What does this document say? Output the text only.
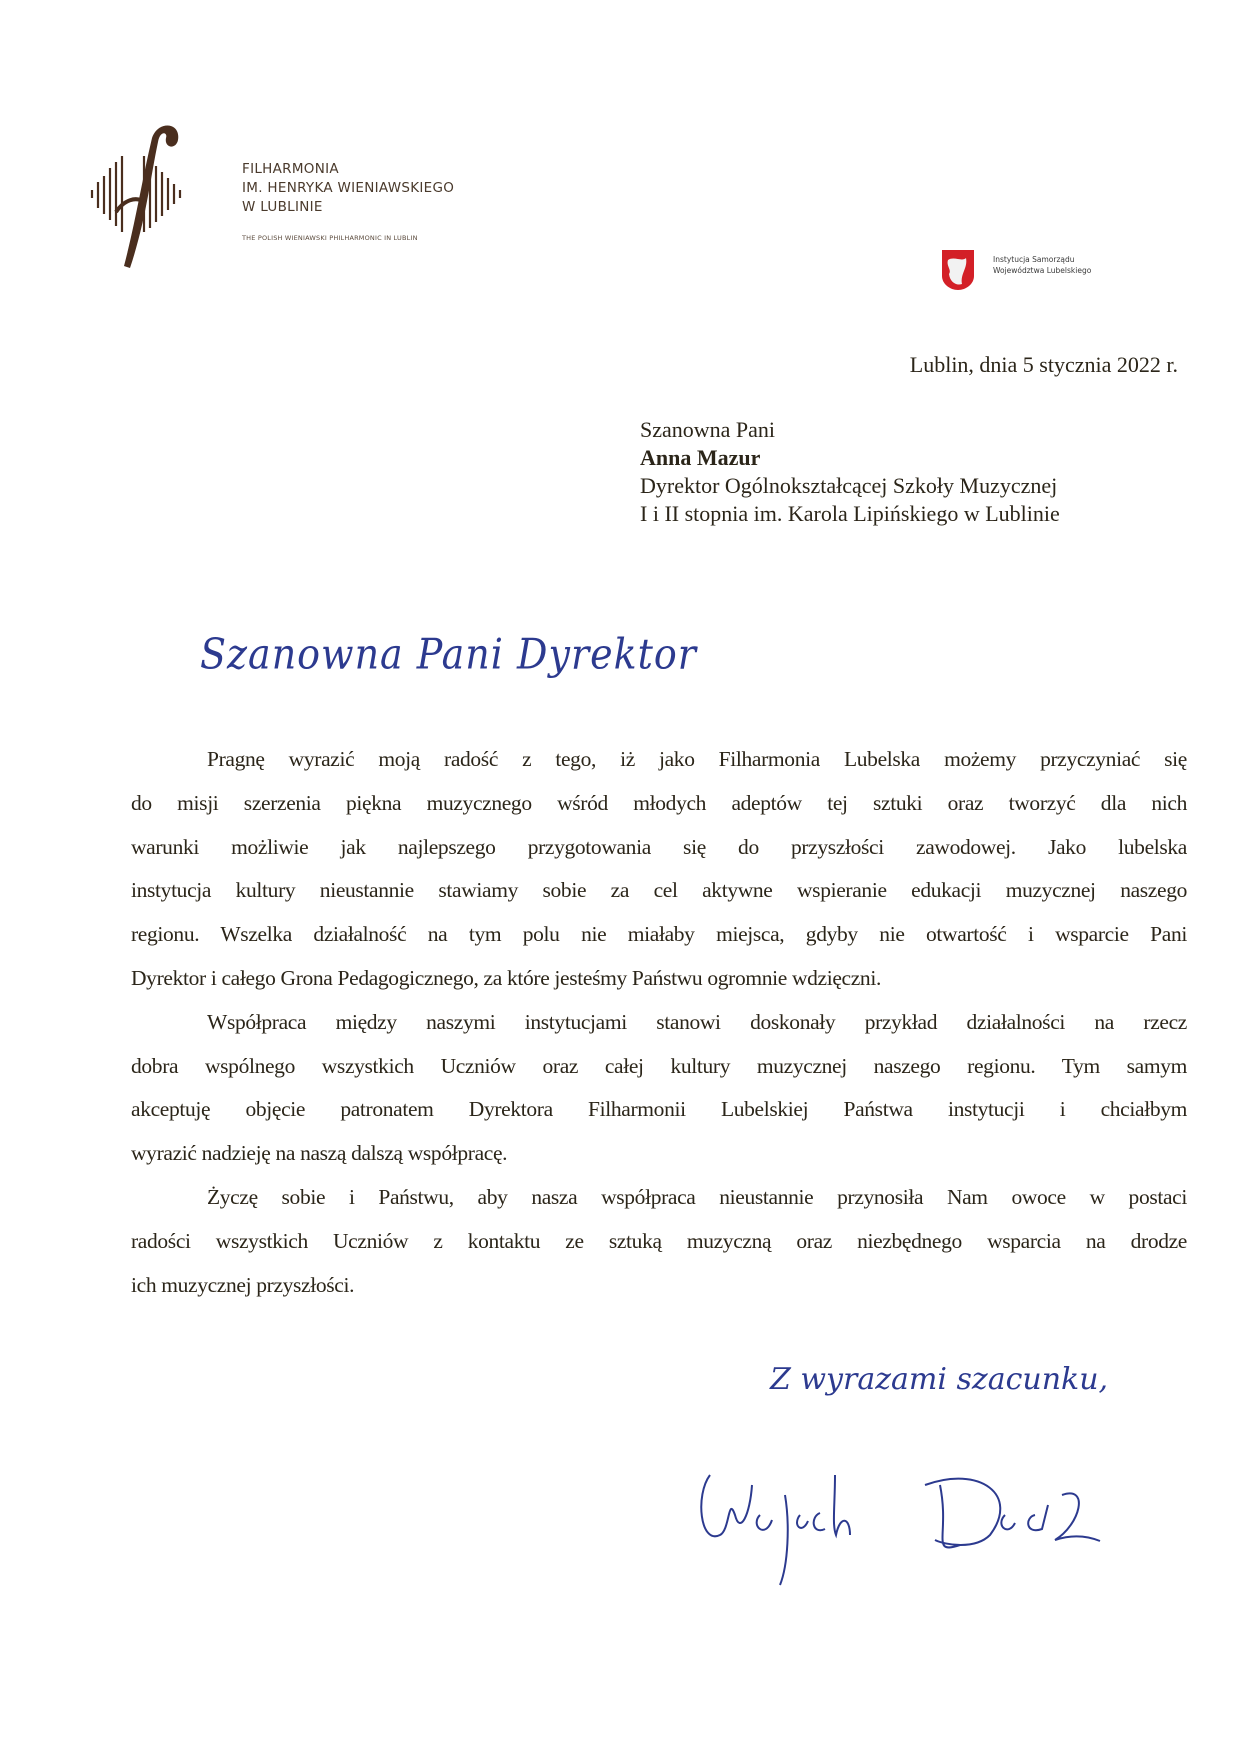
FILHARMONIA
IM. HENRYKA WIENIAWSKIEGO
W LUBLINIE
THE POLISH WIENIAWSKI PHILHARMONIC IN LUBLIN
Instytucja Samorządu
Województwa Lubelskiego
Lublin, dnia 5 stycznia 2022 r.
Szanowna Pani
Anna Mazur
Dyrektor Ogólnokształcącej Szkoły Muzycznej
I i II stopnia im. Karola Lipińskiego w Lublinie
Szanowna Pani Dyrektor
Pragnę wyrazić moją radość z tego, iż jako Filharmonia Lubelska możemy przyczyniać się
do misji szerzenia piękna muzycznego wśród młodych adeptów tej sztuki oraz tworzyć dla nich
warunki możliwie jak najlepszego przygotowania się do przyszłości zawodowej. Jako lubelska
instytucja kultury nieustannie stawiamy sobie za cel aktywne wspieranie edukacji muzycznej naszego
regionu. Wszelka działalność na tym polu nie miałaby miejsca, gdyby nie otwartość i wsparcie Pani
Dyrektor i całego Grona Pedagogicznego, za które jesteśmy Państwu ogromnie wdzięczni.
Współpraca między naszymi instytucjami stanowi doskonały przykład działalności na rzecz
dobra wspólnego wszystkich Uczniów oraz całej kultury muzycznej naszego regionu. Tym samym
akceptuję objęcie patronatem Dyrektora Filharmonii Lubelskiej Państwa instytucji i chciałbym
wyrazić nadzieję na naszą dalszą współpracę.
Życzę sobie i Państwu, aby nasza współpraca nieustannie przynosiła Nam owoce w postaci
radości wszystkich Uczniów z kontaktu ze sztuką muzyczną oraz niezbędnego wsparcia na drodze
ich muzycznej przyszłości.
Z wyrazami szacunku,
